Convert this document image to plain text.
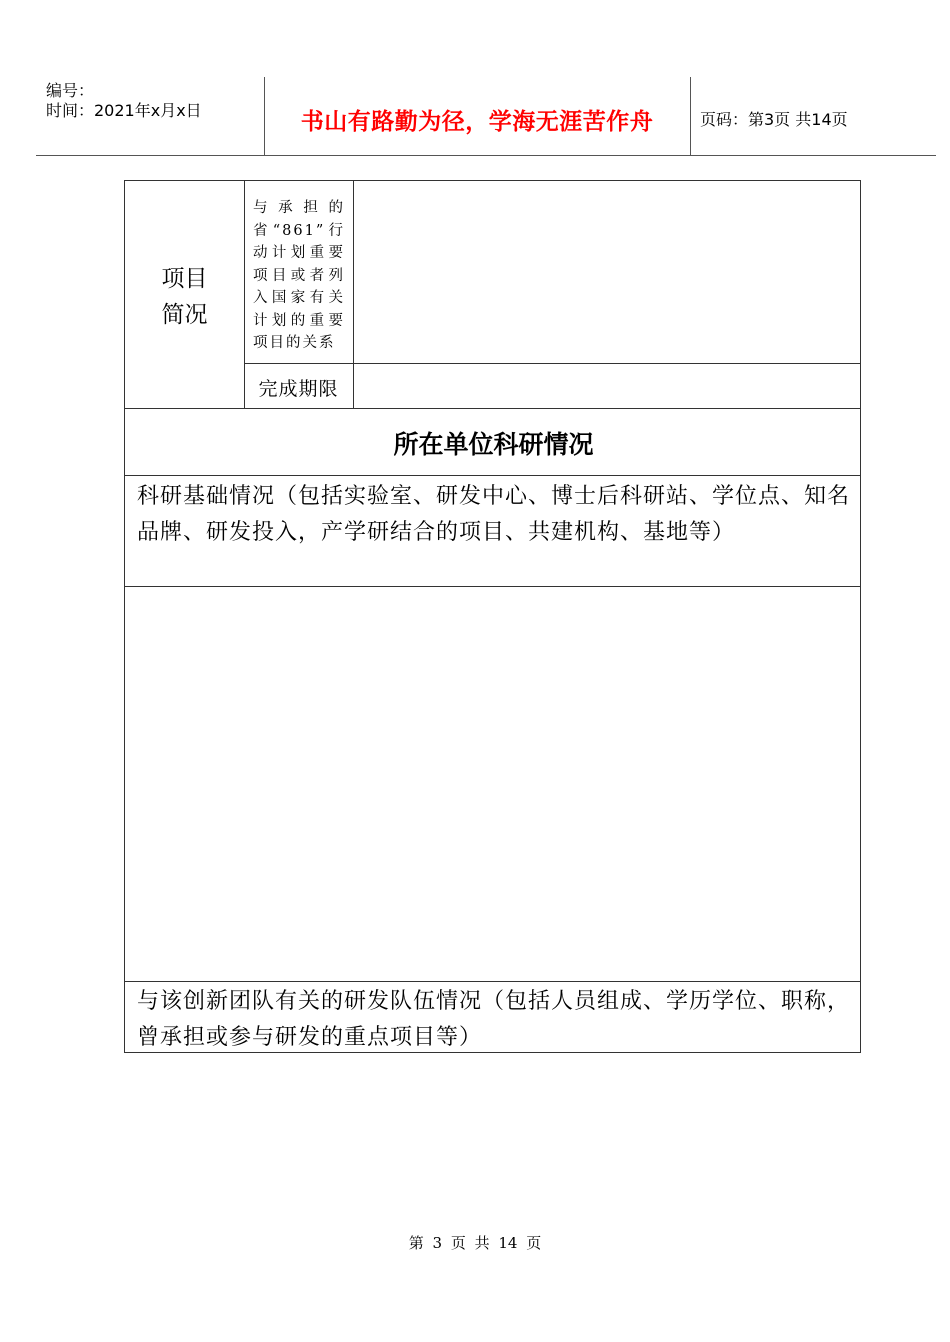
编号：
时间：2021年x月x日	书山有路勤为径，学海无涯苦作舟	页码：第3页 共14页
项目
简况
与承担的省“861”行动计划重要项目或者列入国家有关计划的重要项目的关系
完成期限
所在单位科研情况
科研基础情况（包括实验室、研发中心、博士后科研站、学位点、知名品牌、研发投入，产学研结合的项目、共建机构、基地等）
与该创新团队有关的研发队伍情况（包括人员组成、学历学位、职称，曾承担或参与研发的重点项目等）
第 3 页 共 14 页
